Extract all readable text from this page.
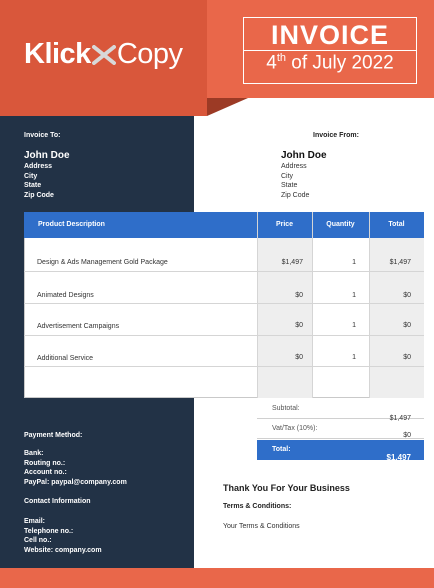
Klick Copy
INVOICE
4th of July 2022
Invoice To:
John Doe
Address
City
State
Zip Code
Invoice From:
John Doe
Address
City
State
Zip Code
Product Description	Price	Quantity	Total
Design & Ads Management Gold Package	$1,497	1	$1,497
Animated Designs	$0	1	$0
Advertisement Campaigns	$0	1	$0
Additional Service	$0	1	$0
Subtotal:
$1,497
Vat/Tax (10%):
$0
Total:
$1,497
Payment Method:
Bank:
Routing no.:
Account no.:
PayPal: paypal@company.com
Contact Information
Email:
Telephone no.:
Cell no.:
Website: company.com
Thank You For Your Business
Terms & Conditions:
Your Terms & Conditions
